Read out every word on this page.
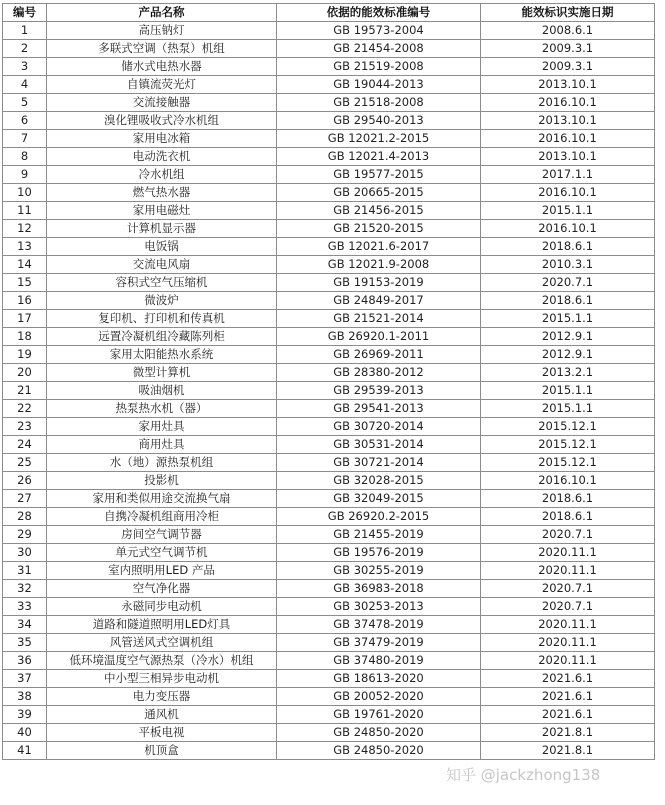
编号	产品名称	依据的能效标准编号	能效标识实施日期
1	高压钠灯	GB 19573-2004	2008.6.1
2	多联式空调（热泵）机组	GB 21454-2008	2009.3.1
3	储水式电热水器	GB 21519-2008	2009.3.1
4	自镇流荧光灯	GB 19044-2013	2013.10.1
5	交流接触器	GB 21518-2008	2016.10.1
6	溴化锂吸收式冷水机组	GB 29540-2013	2013.10.1
7	家用电冰箱	GB 12021.2-2015	2016.10.1
8	电动洗衣机	GB 12021.4-2013	2013.10.1
9	冷水机组	GB 19577-2015	2017.1.1
10	燃气热水器	GB 20665-2015	2016.10.1
11	家用电磁灶	GB 21456-2015	2015.1.1
12	计算机显示器	GB 21520-2015	2016.10.1
13	电饭锅	GB 12021.6-2017	2018.6.1
14	交流电风扇	GB 12021.9-2008	2010.3.1
15	容积式空气压缩机	GB 19153-2019	2020.7.1
16	微波炉	GB 24849-2017	2018.6.1
17	复印机、打印机和传真机	GB 21521-2014	2015.1.1
18	远置冷凝机组冷藏陈列柜	GB 26920.1-2011	2012.9.1
19	家用太阳能热水系统	GB 26969-2011	2012.9.1
20	微型计算机	GB 28380-2012	2013.2.1
21	吸油烟机	GB 29539-2013	2015.1.1
22	热泵热水机（器）	GB 29541-2013	2015.1.1
23	家用灶具	GB 30720-2014	2015.12.1
24	商用灶具	GB 30531-2014	2015.12.1
25	水（地）源热泵机组	GB 30721-2014	2015.12.1
26	投影机	GB 32028-2015	2016.10.1
27	家用和类似用途交流换气扇	GB 32049-2015	2018.6.1
28	自携冷凝机组商用冷柜	GB 26920.2-2015	2018.6.1
29	房间空气调节器	GB 21455-2019	2020.7.1
30	单元式空气调节机	GB 19576-2019	2020.11.1
31	室内照明用LED 产品	GB 30255-2019	2020.11.1
32	空气净化器	GB 36983-2018	2020.7.1
33	永磁同步电动机	GB 30253-2013	2020.7.1
34	道路和隧道照明用LED灯具	GB 37478-2019	2020.11.1
35	风管送风式空调机组	GB 37479-2019	2020.11.1
36	低环境温度空气源热泵（冷水）机组	GB 37480-2019	2020.11.1
37	中小型三相异步电动机	GB 18613-2020	2021.6.1
38	电力变压器	GB 20052-2020	2021.6.1
39	通风机	GB 19761-2020	2021.6.1
40	平板电视	GB 24850-2020	2021.8.1
41	机顶盒	GB 24850-2020	2021.8.1
知乎 @jackzhong138
